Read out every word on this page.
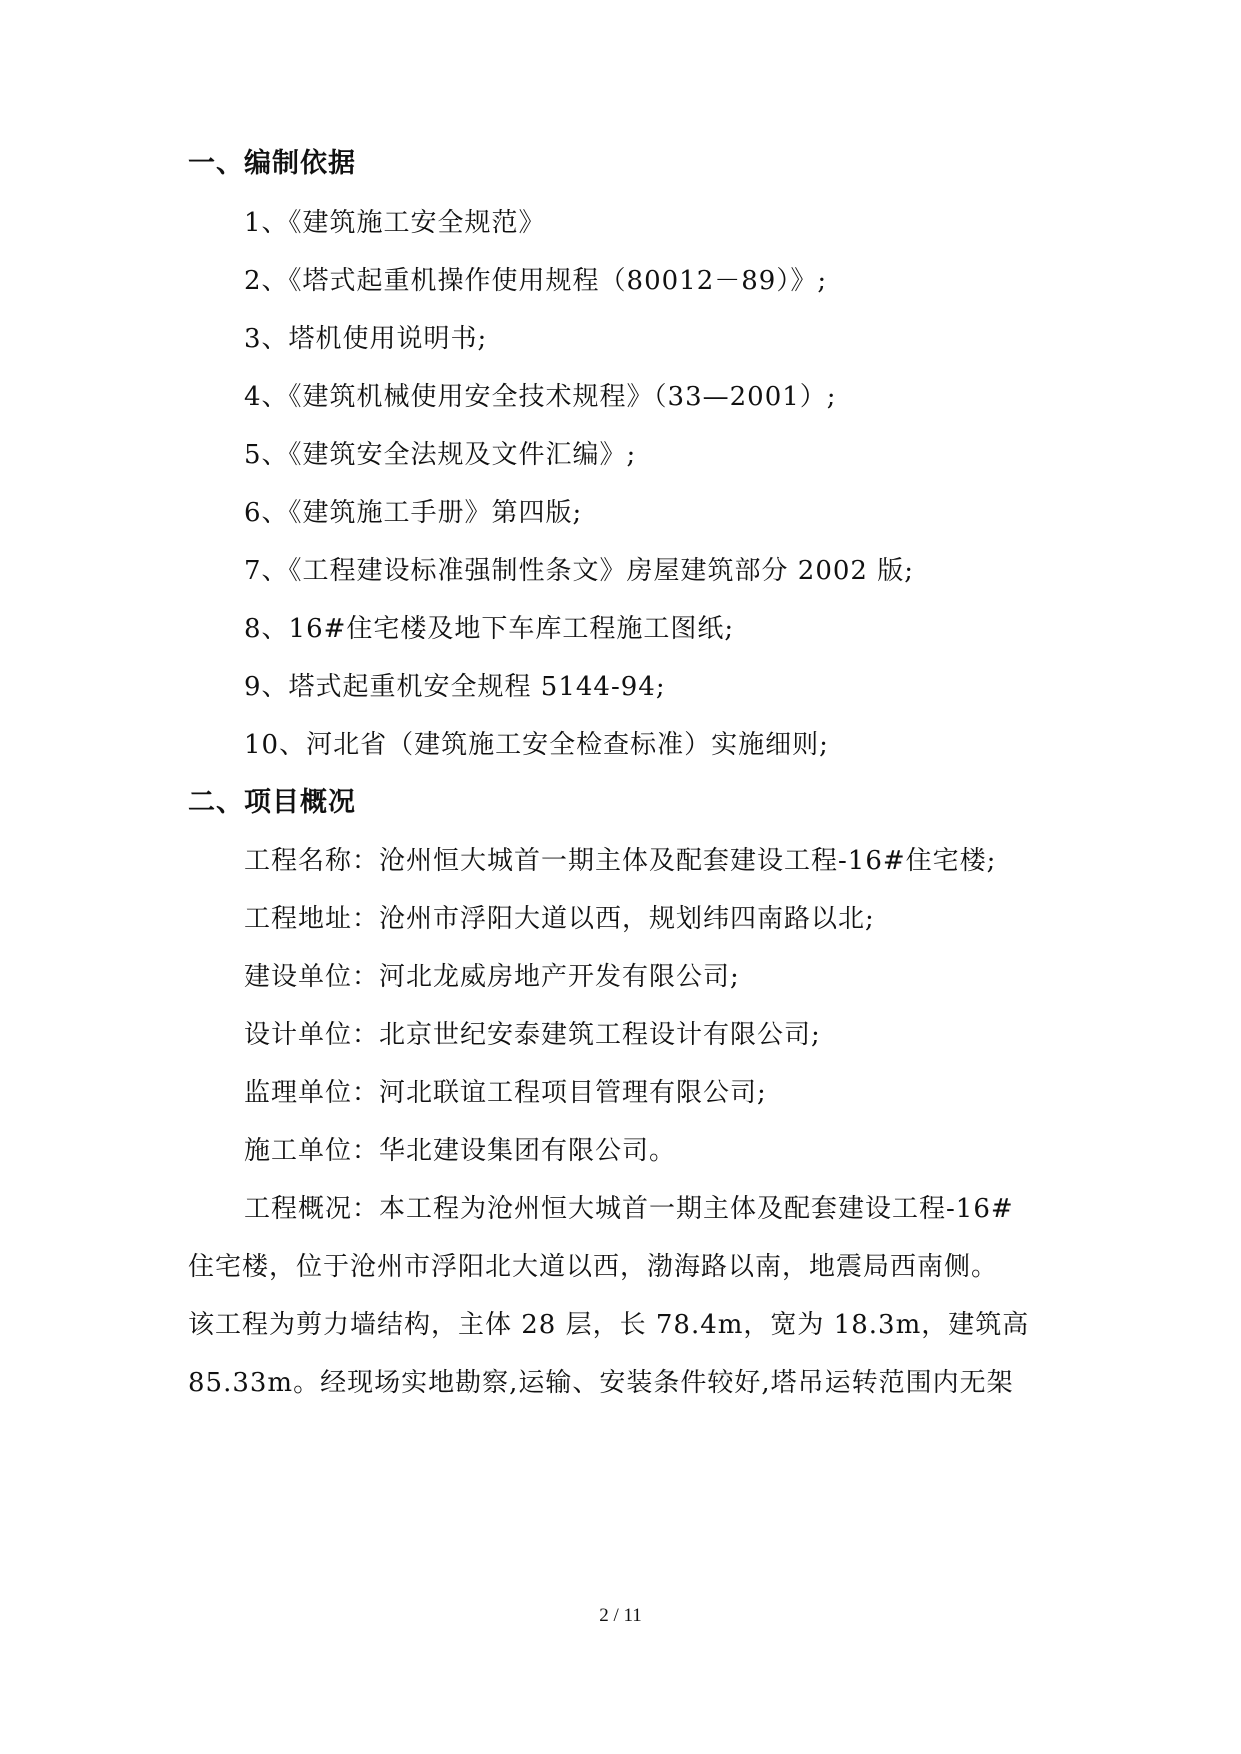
一、编制依据
1、《建筑施工安全规范》
2、《塔式起重机操作使用规程（80012－89）》;
3、塔机使用说明书;
4、《建筑机械使用安全技术规程》（33—2001）;
5、《建筑安全法规及文件汇编》;
6、《建筑施工手册》第四版;
7、《工程建设标准强制性条文》房屋建筑部分 2002 版;
8、16#住宅楼及地下车库工程施工图纸;
9、塔式起重机安全规程 5144-94;
10、河北省（建筑施工安全检查标准）实施细则;
二、项目概况
工程名称：沧州恒大城首一期主体及配套建设工程-16#住宅楼;
工程地址：沧州市浮阳大道以西，规划纬四南路以北;
建设单位：河北龙威房地产开发有限公司;
设计单位：北京世纪安泰建筑工程设计有限公司;
监理单位：河北联谊工程项目管理有限公司;
施工单位：华北建设集团有限公司。
工程概况：本工程为沧州恒大城首一期主体及配套建设工程-16#
住宅楼，位于沧州市浮阳北大道以西，渤海路以南，地震局西南侧。
该工程为剪力墙结构，主体 28 层，长 78.4m，宽为 18.3m，建筑高
85.33m。经现场实地勘察,运输、安装条件较好,塔吊运转范围内无架
2 / 11
